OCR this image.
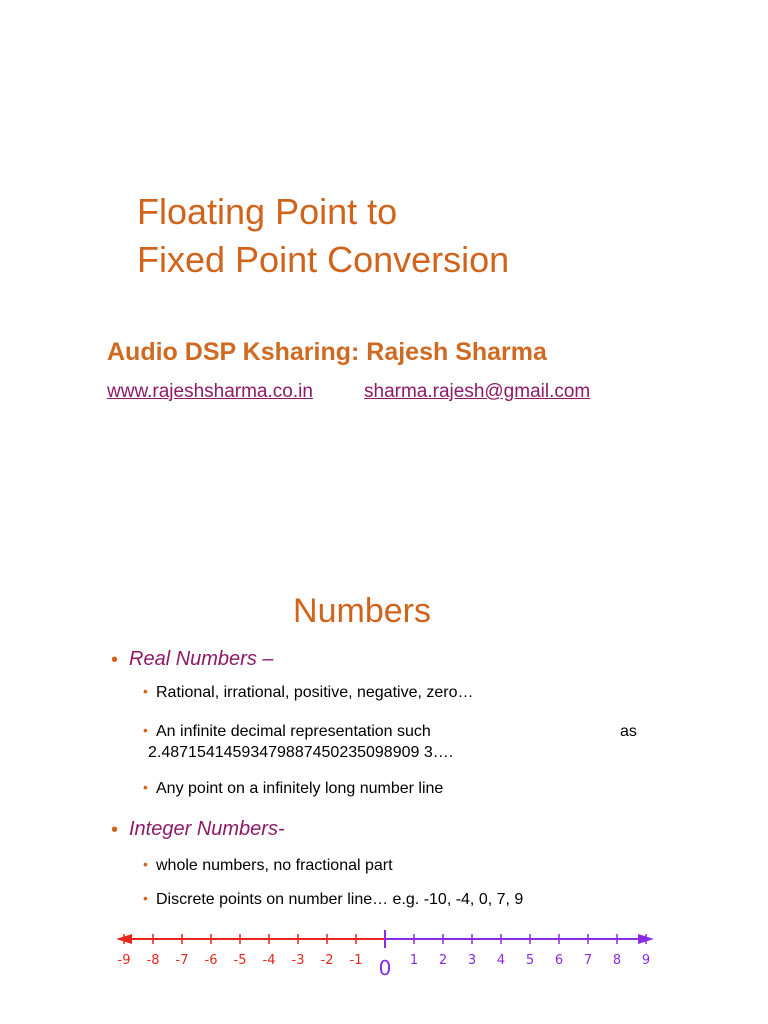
Floating Point to
Fixed Point Conversion
Audio DSP Ksharing: Rajesh Sharma
www.rajeshsharma.co.in	sharma.rajesh@gmail.com
Numbers
• Real Numbers –
• Rational, irrational, positive, negative, zero…
• An infinite decimal representation such	as
2.48715414593479887450235098909 3….
• Any point on a infinitely long number line
• Integer Numbers-
• whole numbers, no fractional part
• Discrete points on number line… e.g. -10, -4, 0, 7, 9
0
-9 -8 -7 -6 -5 -4 -3 -2 -1	1 2 3 4 5 6 7 8 9
